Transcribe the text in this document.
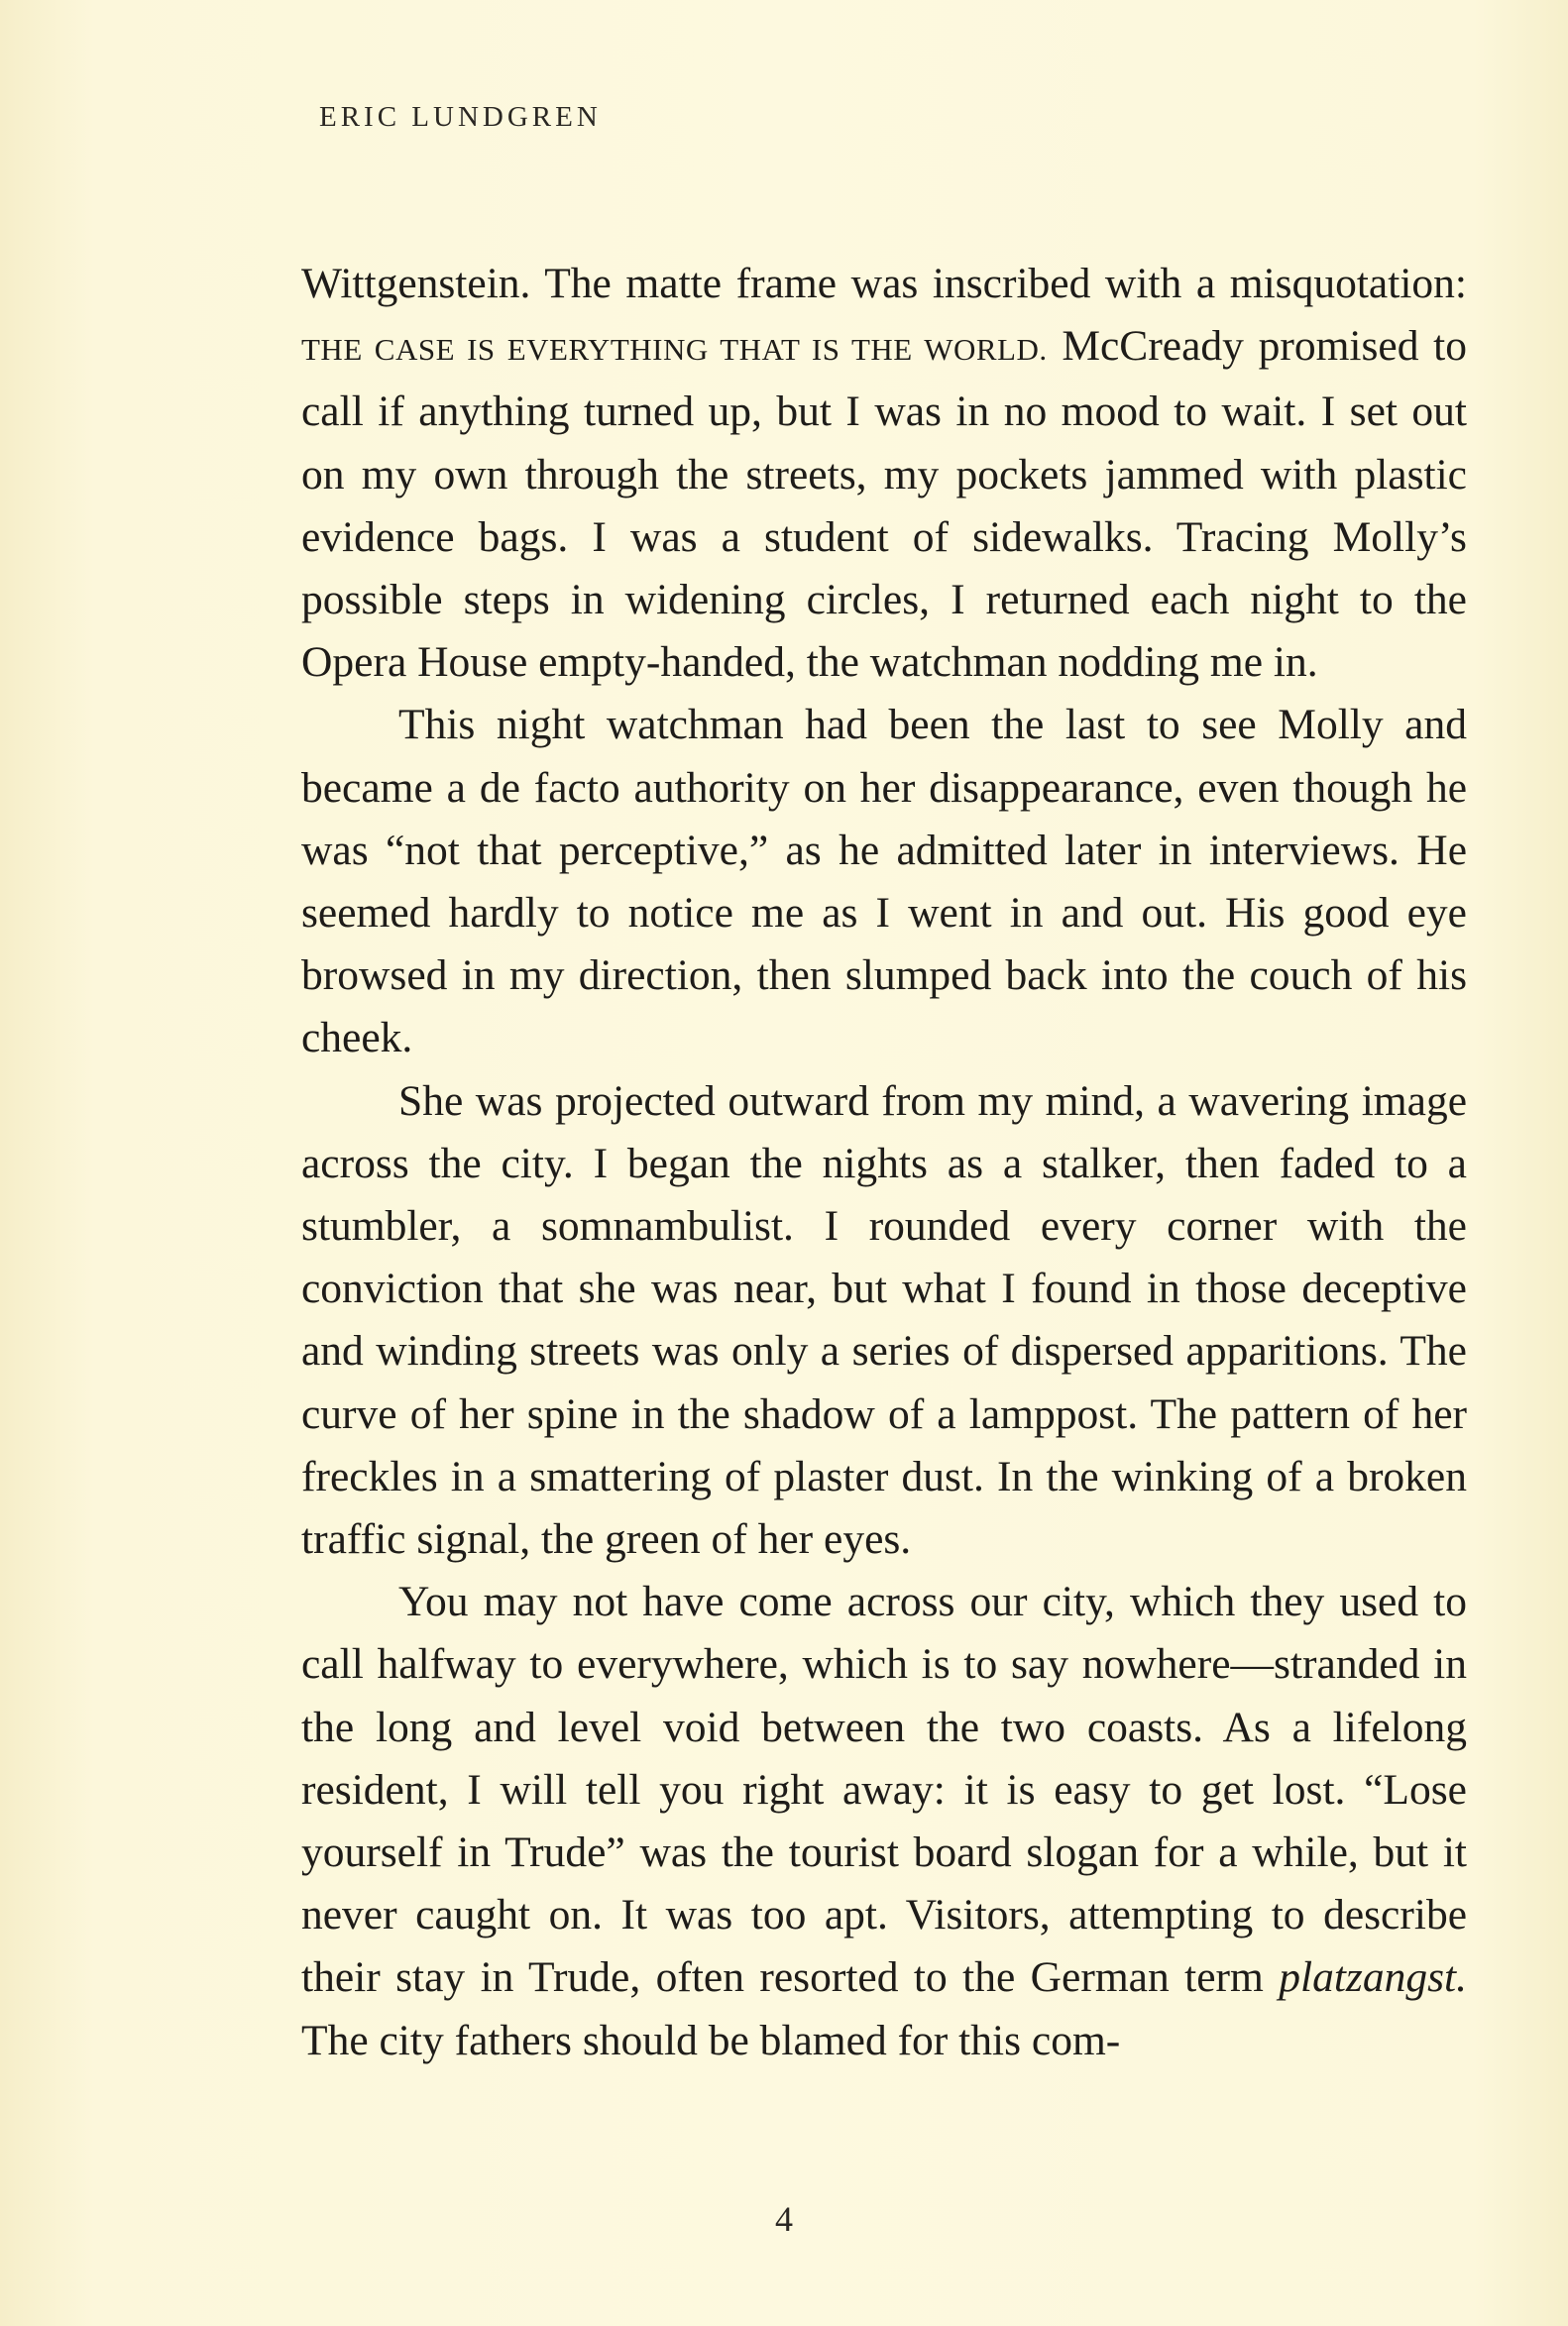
ERIC LUNDGREN

Wittgenstein. The matte frame was inscribed with a misquotation: THE CASE IS EVERYTHING THAT IS THE WORLD. McCready promised to call if anything turned up, but I was in no mood to wait. I set out on my own through the streets, my pockets jammed with plastic evidence bags. I was a student of sidewalks. Tracing Molly’s possible steps in widening circles, I returned each night to the Opera House empty-handed, the watchman nodding me in.

This night watchman had been the last to see Molly and became a de facto authority on her disappearance, even though he was “not that perceptive,” as he admitted later in interviews. He seemed hardly to notice me as I went in and out. His good eye browsed in my direction, then slumped back into the couch of his cheek.

She was projected outward from my mind, a wavering image across the city. I began the nights as a stalker, then faded to a stumbler, a somnambulist. I rounded every corner with the conviction that she was near, but what I found in those deceptive and winding streets was only a series of dispersed apparitions. The curve of her spine in the shadow of a lamppost. The pattern of her freckles in a smattering of plaster dust. In the winking of a broken traffic signal, the green of her eyes.

You may not have come across our city, which they used to call halfway to everywhere, which is to say nowhere—stranded in the long and level void between the two coasts. As a lifelong resident, I will tell you right away: it is easy to get lost. “Lose yourself in Trude” was the tourist board slogan for a while, but it never caught on. It was too apt. Visitors, attempting to describe their stay in Trude, often resorted to the German term platzangst. The city fathers should be blamed for this com-

4
